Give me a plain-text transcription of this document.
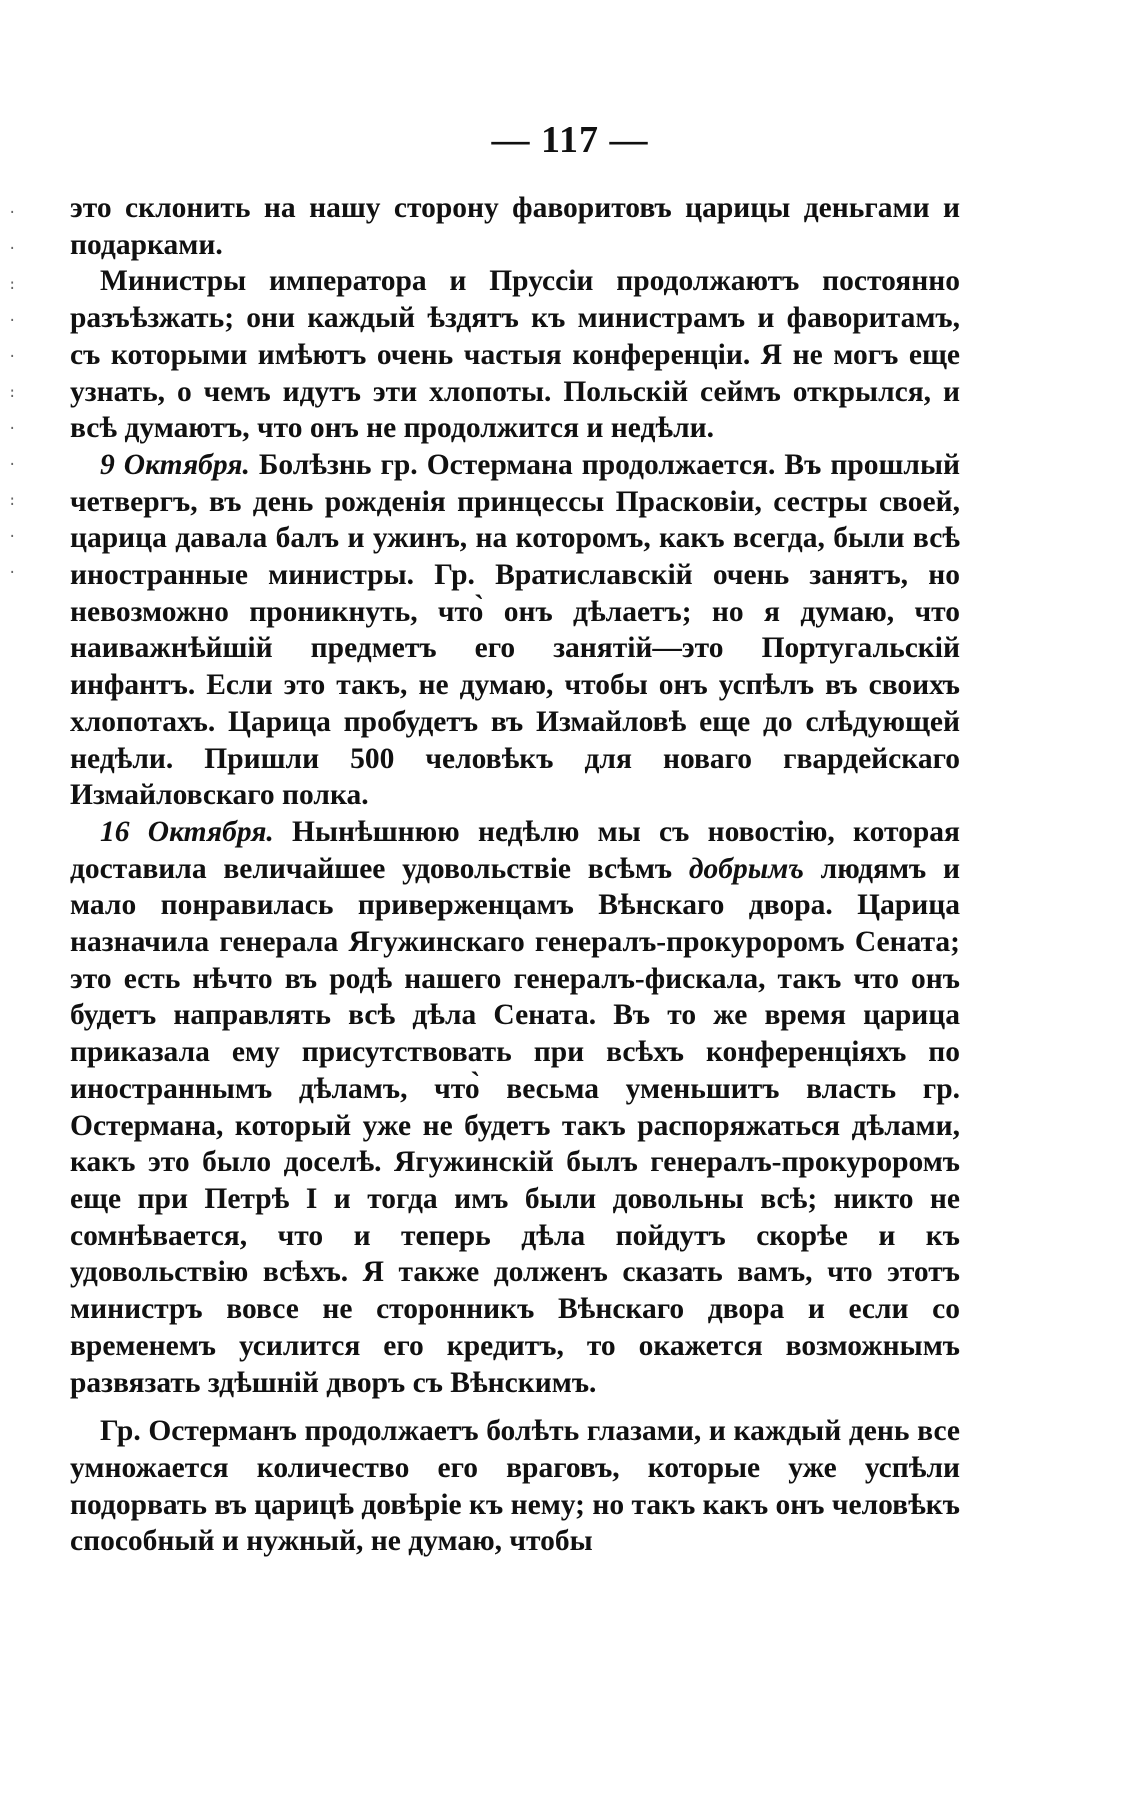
·
·
:
·
·
:
·
·
:
·
·
— 117 —

это склонить на нашу сторону фаворитовъ царицы деньгами и подарками.

Министры императора и Пруссіи продолжаютъ постоянно разъѣзжать; они каждый ѣздятъ къ министрамъ и фаворитамъ, съ которыми имѣютъ очень частыя конференціи. Я не могъ еще узнать, о чемъ идутъ эти хлопоты. Польскій сеймъ открылся, и всѣ думаютъ, что онъ не продолжится и недѣли.

9 Октября. Болѣзнь гр. Остермана продолжается. Въ прошлый четвергъ, въ день рожденія принцессы Прасковіи, сестры своей, царица давала балъ и ужинъ, на которомъ, какъ всегда, были всѣ иностранные министры. Гр. Вратиславскій очень занятъ, но невозможно проникнуть, что̀ онъ дѣлаетъ; но я думаю, что наиважнѣйшій предметъ его занятій—это Португальскій инфантъ. Если это такъ, не думаю, чтобы онъ успѣлъ въ своихъ хлопотахъ. Царица пробудетъ въ Измайловѣ еще до слѣдующей недѣли. Пришли 500 человѣкъ для новаго гвардейскаго Измайловскаго полка.

16 Октября. Нынѣшнюю недѣлю мы съ новостію, которая доставила величайшее удовольствіе всѣмъ добрымъ людямъ и мало понравилась приверженцамъ Вѣнскаго двора. Царица назначила генерала Ягужинскаго генералъ-прокуроромъ Сената; это есть нѣчто въ родѣ нашего генералъ-фискала, такъ что онъ будетъ направлять всѣ дѣла Сената. Въ то же время царица приказала ему присутствовать при всѣхъ конференціяхъ по иностраннымъ дѣламъ, что̀ весьма уменьшитъ власть гр. Остермана, который уже не будетъ такъ распоряжаться дѣлами, какъ это было доселѣ. Ягужинскій былъ генералъ-прокуроромъ еще при Петрѣ I и тогда имъ были довольны всѣ; никто не сомнѣвается, что и теперь дѣла пойдутъ скорѣе и къ удовольствію всѣхъ. Я также долженъ сказать вамъ, что этотъ министръ вовсе не сторонникъ Вѣнскаго двора и если со временемъ усилится его кредитъ, то окажется возможнымъ развязать здѣшній дворъ съ Вѣнскимъ.

Гр. Остерманъ продолжаетъ болѣть глазами, и каждый день все умножается количество его враговъ, которые уже успѣли подорвать въ царицѣ довѣріе къ нему; но такъ какъ онъ человѣкъ способный и нужный, не думаю, чтобы
